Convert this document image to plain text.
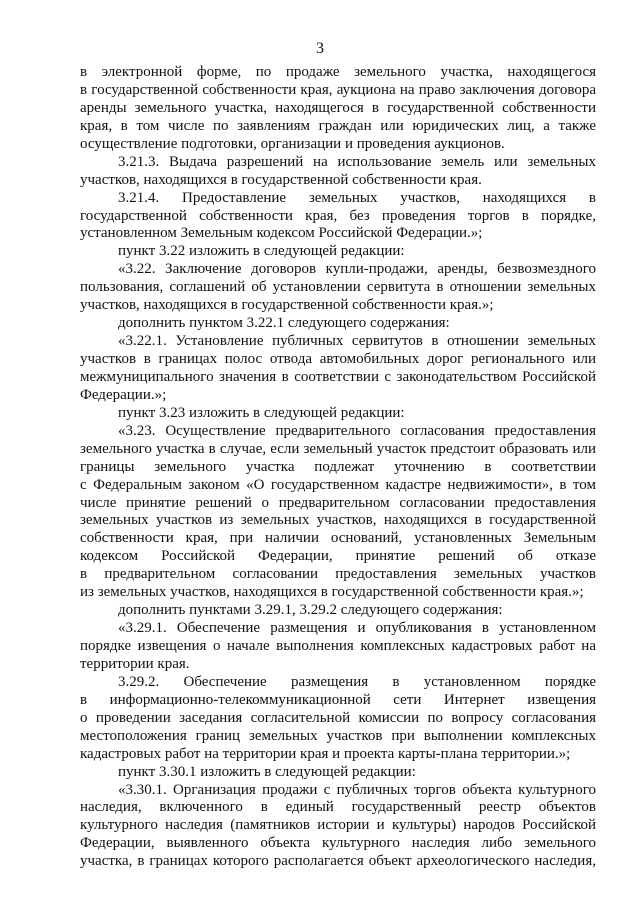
3
в электронной форме, по продаже земельного участка, находящегося
в государственной собственности края, аукциона на право заключения договора
аренды земельного участка, находящегося в государственной собственности
края, в том числе по заявлениям граждан или юридических лиц, а также
осуществление подготовки, организации и проведения аукционов.
3.21.3. Выдача разрешений на использование земель или земельных
участков, находящихся в государственной собственности края.
3.21.4. Предоставление земельных участков, находящихся в
государственной собственности края, без проведения торгов в порядке,
установленном Земельным кодексом Российской Федерации.»;
пункт 3.22 изложить в следующей редакции:
«3.22. Заключение договоров купли-продажи, аренды, безвозмездного
пользования, соглашений об установлении сервитута в отношении земельных
участков, находящихся в государственной собственности края.»;
дополнить пунктом 3.22.1 следующего содержания:
«3.22.1. Установление публичных сервитутов в отношении земельных
участков в границах полос отвода автомобильных дорог регионального или
межмуниципального значения в соответствии с законодательством Российской
Федерации.»;
пункт 3.23 изложить в следующей редакции:
«3.23. Осуществление предварительного согласования предоставления
земельного участка в случае, если земельный участок предстоит образовать или
границы земельного участка подлежат уточнению в соответствии
с Федеральным законом «О государственном кадастре недвижимости», в том
числе принятие решений о предварительном согласовании предоставления
земельных участков из земельных участков, находящихся в государственной
собственности края, при наличии оснований, установленных Земельным
кодексом Российской Федерации, принятие решений об отказе
в предварительном согласовании предоставления земельных участков
из земельных участков, находящихся в государственной собственности края.»;
дополнить пунктами 3.29.1, 3.29.2 следующего содержания:
«3.29.1. Обеспечение размещения и опубликования в установленном
порядке извещения о начале выполнения комплексных кадастровых работ на
территории края.
3.29.2. Обеспечение размещения в установленном порядке
в информационно-телекоммуникационной сети Интернет извещения
о проведении заседания согласительной комиссии по вопросу согласования
местоположения границ земельных участков при выполнении комплексных
кадастровых работ на территории края и проекта карты-плана территории.»;
пункт 3.30.1 изложить в следующей редакции:
«3.30.1. Организация продажи с публичных торгов объекта культурного
наследия, включенного в единый государственный реестр объектов
культурного наследия (памятников истории и культуры) народов Российской
Федерации, выявленного объекта культурного наследия либо земельного
участка, в границах которого располагается объект археологического наследия,
